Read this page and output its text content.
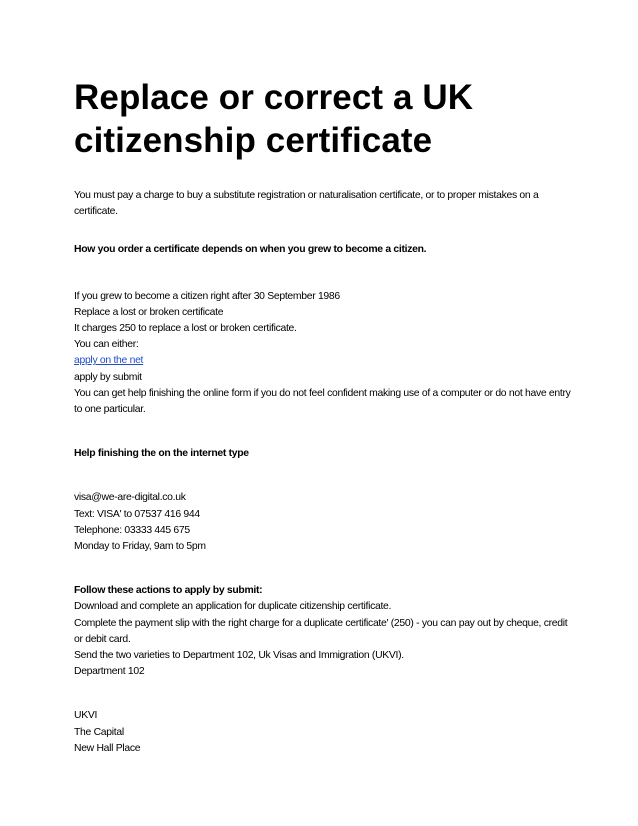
Replace or correct a UK citizenship certificate

You must pay a charge to buy a substitute registration or naturalisation certificate, or to proper mistakes on a certificate.

How you order a certificate depends on when you grew to become a citizen.

If you grew to become a citizen right after 30 September 1986
Replace a lost or broken certificate
It charges 250 to replace a lost or broken certificate.
You can either:
apply on the net
apply by submit
You can get help finishing the online form if you do not feel confident making use of a computer or do not have entry to one particular.

Help finishing the on the internet type

visa@we-are-digital.co.uk
Text: VISA' to 07537 416 944
Telephone: 03333 445 675
Monday to Friday, 9am to 5pm

Follow these actions to apply by submit:

Download and complete an application for duplicate citizenship certificate.
Complete the payment slip with the right charge for a duplicate certificate' (250) - you can pay out by cheque, credit or debit card.
Send the two varieties to Department 102, Uk Visas and Immigration (UKVI).
Department 102
UKVI
The Capital
New Hall Place
